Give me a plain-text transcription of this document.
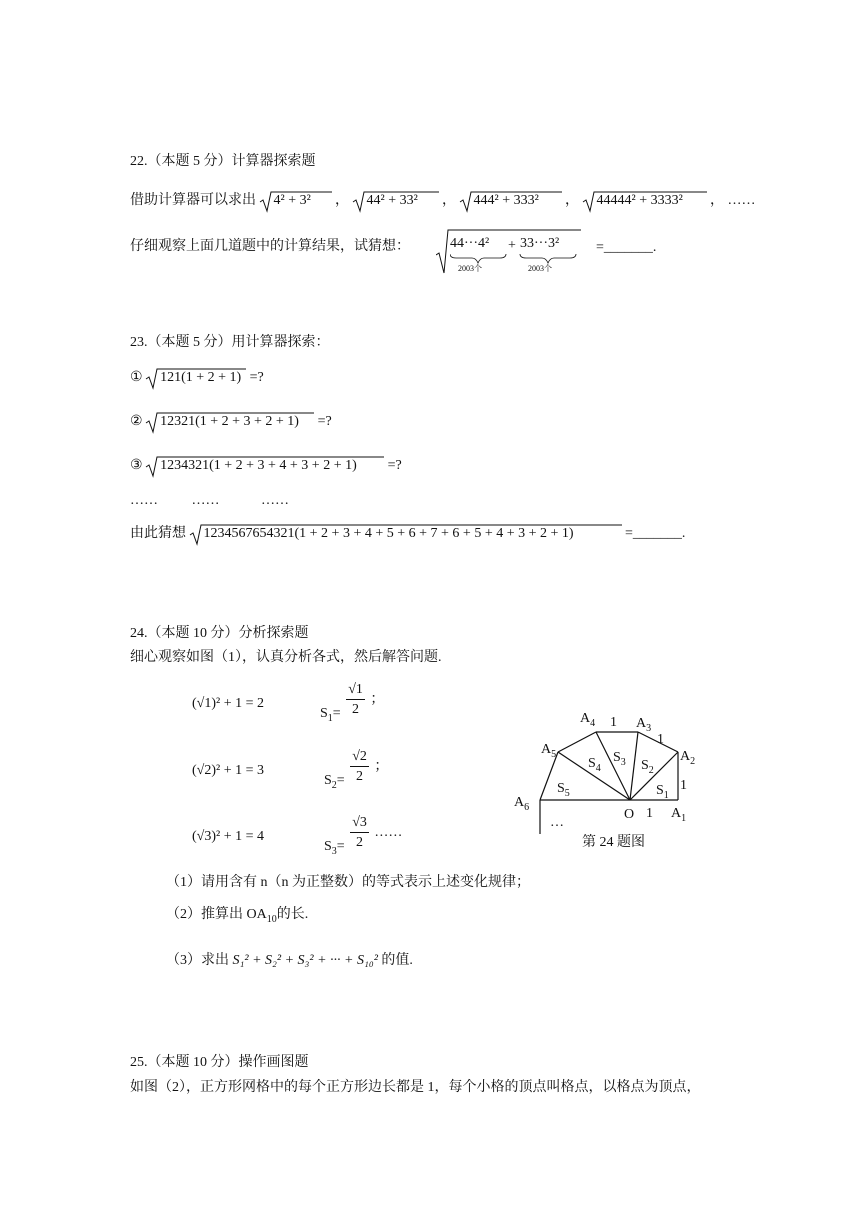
22.（本题 5 分）计算器探索题
借助计算器可以求出 4² + 3² ， 44² + 33² ， 444² + 333² ， 44444² + 3333² ， ……
仔细观察上面几道题中的计算结果，试猜想：	44···4² + 33···3²
2003个	2003个
=_______.
23.（本题 5 分）用计算器探索：
① 121(1 + 2 + 1) =?
② 12321(1 + 2 + 3 + 2 + 1) =?
③ 1234321(1 + 2 + 3 + 4 + 3 + 2 + 1) =?
…… ……	……
由此猜想 1234567654321(1 + 2 + 3 + 4 + 5 + 6 + 7 + 6 + 5 + 4 + 3 + 2 + 1)	=_______.
24.（本题 10 分）分析探索题
细心观察如图（1），认真分析各式，然后解答问题.
(√1)² + 1 = 2
$S_1= \frac{√1}{2}$ ；
(√2)² + 1 = 3
$S_2= \frac{√2}{2}$ ；
(√3)² + 1 = 4
$S_3= \frac{√3}{2}$ ……
$A_4$ 1 $A_3$
1
$A_5$	$A_2$
$S_3$
$S_4$	$S_2$
1
$S_5$	$S_1$
$A_6$	O 1 $A_1$
…
第 24 题图
（1）请用含有 n（n 为正整数）的等式表示上述变化规律；
（2）推算出 $OA_{10}$的长.
（3）求出 S₁² + S₂² + S₃² + ··· + S₁₀² 的值.
25.（本题 10 分）操作画图题
如图（2），正方形网格中的每个正方形边长都是 1，每个小格的顶点叫格点，以格点为顶点，
